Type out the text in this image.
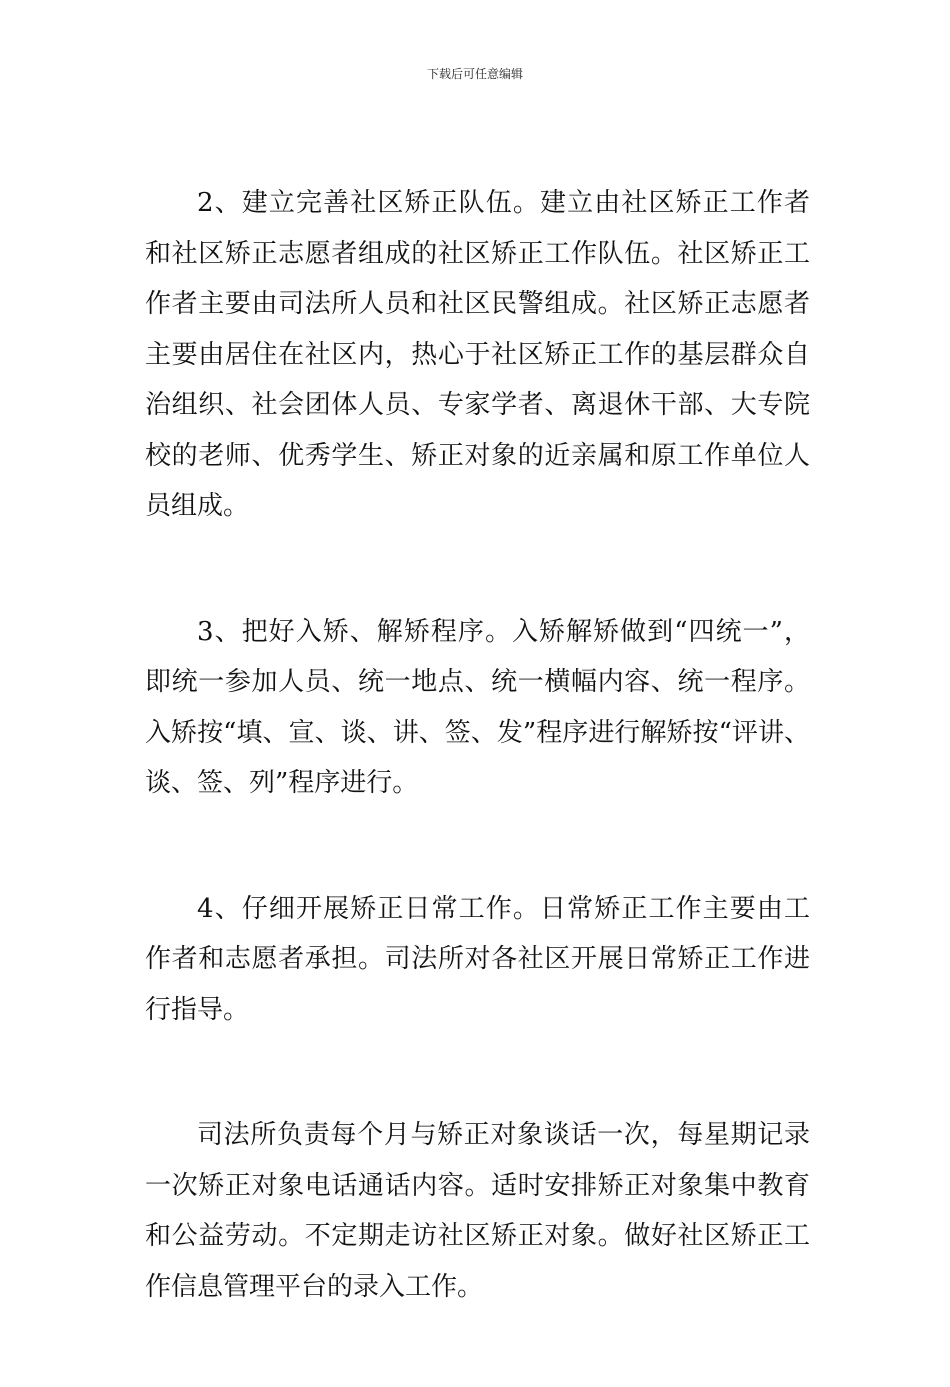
下载后可任意编辑

2、建立完善社区矫正队伍。建立由社区矫正工作者和社区矫正志愿者组成的社区矫正工作队伍。社区矫正工作者主要由司法所人员和社区民警组成。社区矫正志愿者主要由居住在社区内，热心于社区矫正工作的基层群众自治组织、社会团体人员、专家学者、离退休干部、大专院校的老师、优秀学生、矫正对象的近亲属和原工作单位人员组成。

3、把好入矫、解矫程序。入矫解矫做到“四统一”，即统一参加人员、统一地点、统一横幅内容、统一程序。入矫按“填、宣、谈、讲、签、发”程序进行解矫按“评讲、谈、签、列”程序进行。

4、仔细开展矫正日常工作。日常矫正工作主要由工作者和志愿者承担。司法所对各社区开展日常矫正工作进行指导。

司法所负责每个月与矫正对象谈话一次，每星期记录一次矫正对象电话通话内容。适时安排矫正对象集中教育和公益劳动。不定期走访社区矫正对象。做好社区矫正工作信息管理平台的录入工作。
